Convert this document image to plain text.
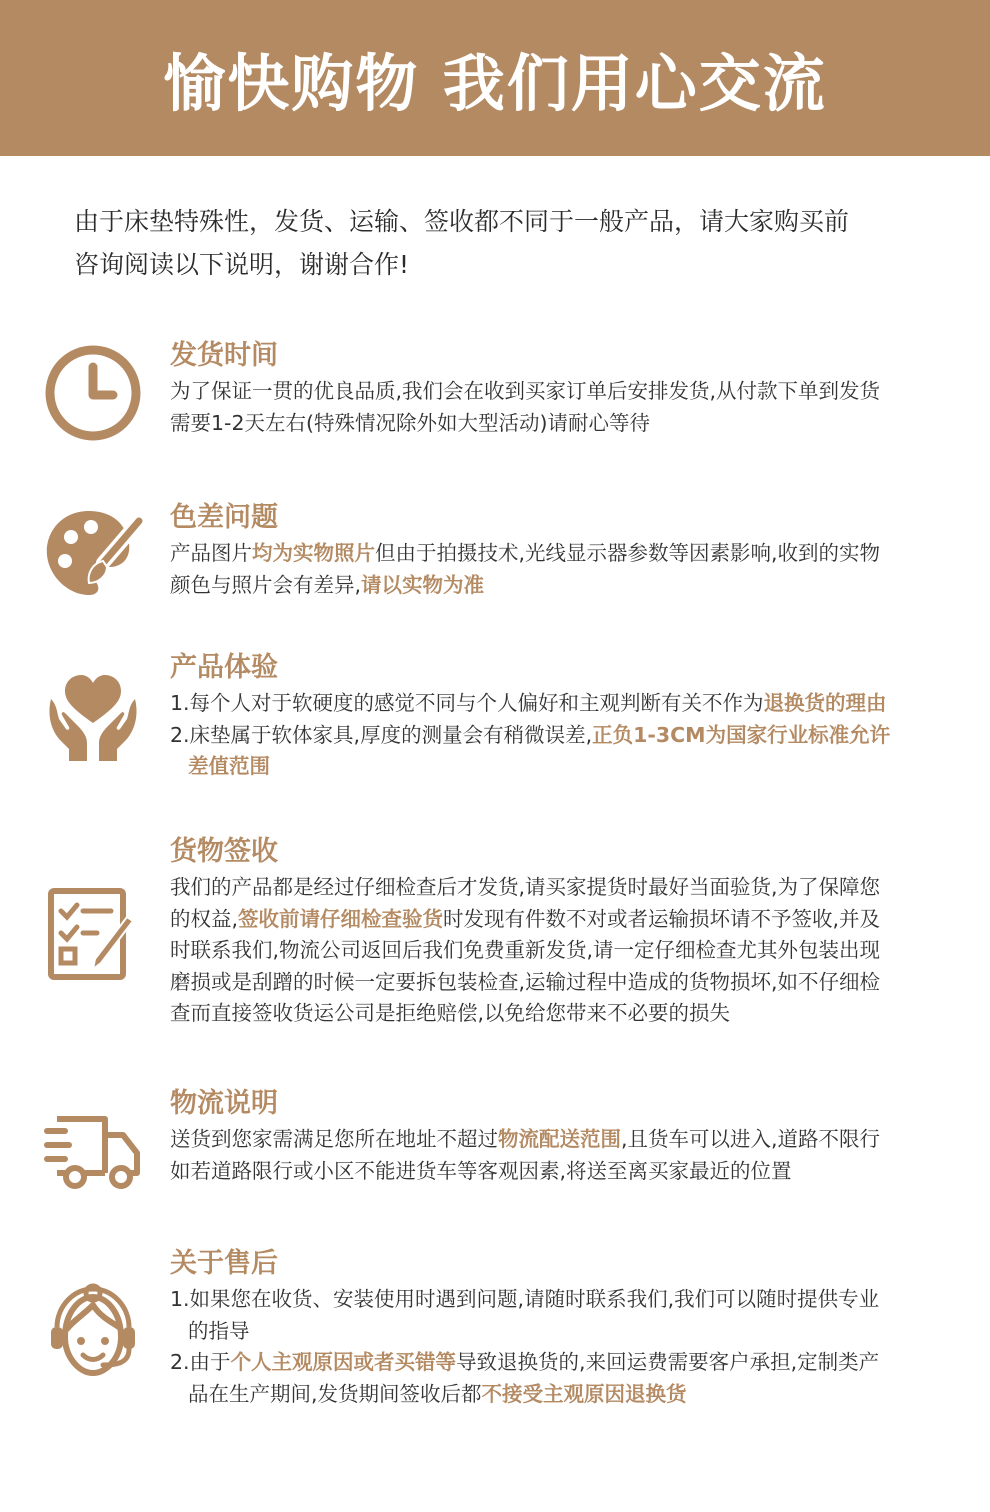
愉快购物 我们用心交流
由于床垫特殊性，发货、运输、签收都不同于一般产品，请大家购买前
咨询阅读以下说明，谢谢合作!
发货时间
为了保证一贯的优良品质,我们会在收到买家订单后安排发货,从付款下单到发货
需要1-2天左右(特殊情况除外如大型活动)请耐心等待
色差问题
产品图片均为实物照片但由于拍摄技术,光线显示器参数等因素影响,收到的实物
颜色与照片会有差异,请以实物为准
产品体验
1.每个人对于软硬度的感觉不同与个人偏好和主观判断有关不作为退换货的理由
2.床垫属于软体家具,厚度的测量会有稍微误差,正负1-3CM为国家行业标准允许
差值范围
货物签收
我们的产品都是经过仔细检查后才发货,请买家提货时最好当面验货,为了保障您
的权益,签收前请仔细检查验货时发现有件数不对或者运输损坏请不予签收,并及
时联系我们,物流公司返回后我们免费重新发货,请一定仔细检查尤其外包装出现
磨损或是刮蹭的时候一定要拆包装检查,运输过程中造成的货物损坏,如不仔细检
查而直接签收货运公司是拒绝赔偿,以免给您带来不必要的损失
物流说明
送货到您家需满足您所在地址不超过物流配送范围,且货车可以进入,道路不限行
如若道路限行或小区不能进货车等客观因素,将送至离买家最近的位置
关于售后
1.如果您在收货、安装使用时遇到问题,请随时联系我们,我们可以随时提供专业
的指导
2.由于个人主观原因或者买错等导致退换货的,来回运费需要客户承担,定制类产
品在生产期间,发货期间签收后都不接受主观原因退换货
